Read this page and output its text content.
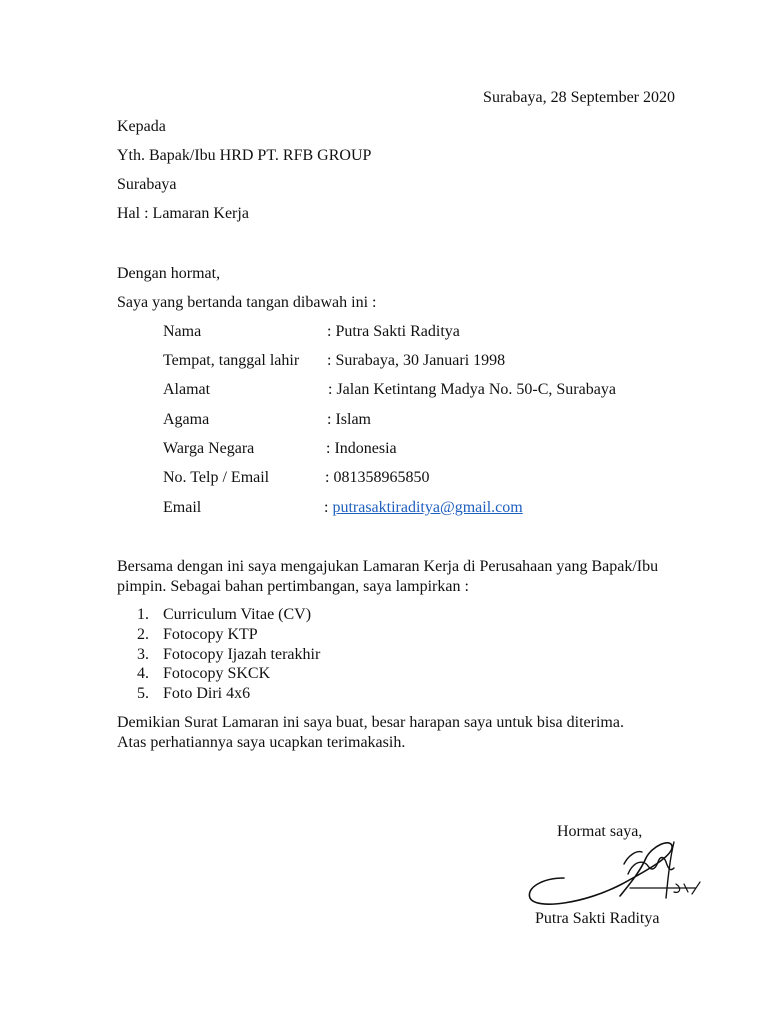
Surabaya, 28 September 2020
Kepada
Yth. Bapak/Ibu HRD PT. RFB GROUP
Surabaya
Hal : Lamaran Kerja
Dengan hormat,
Saya yang bertanda tangan dibawah ini :
Nama	: Putra Sakti Raditya
Tempat, tanggal lahir : Surabaya, 30 Januari 1998
Alamat	: Jalan Ketintang Madya No. 50-C, Surabaya
Agama	: Islam
Warga Negara	: Indonesia
No. Telp / Email	: 081358965850
Email	: putrasaktiraditya@gmail.com
Bersama dengan ini saya mengajukan Lamaran Kerja di Perusahaan yang Bapak/Ibu pimpin. Sebagai bahan pertimbangan, saya lampirkan :
1. Curriculum Vitae (CV)
2. Fotocopy KTP
3. Fotocopy Ijazah terakhir
4. Fotocopy SKCK
5. Foto Diri 4x6
Demikian Surat Lamaran ini saya buat, besar harapan saya untuk bisa diterima. Atas perhatiannya saya ucapkan terimakasih.
Hormat saya,
Putra Sakti Raditya
